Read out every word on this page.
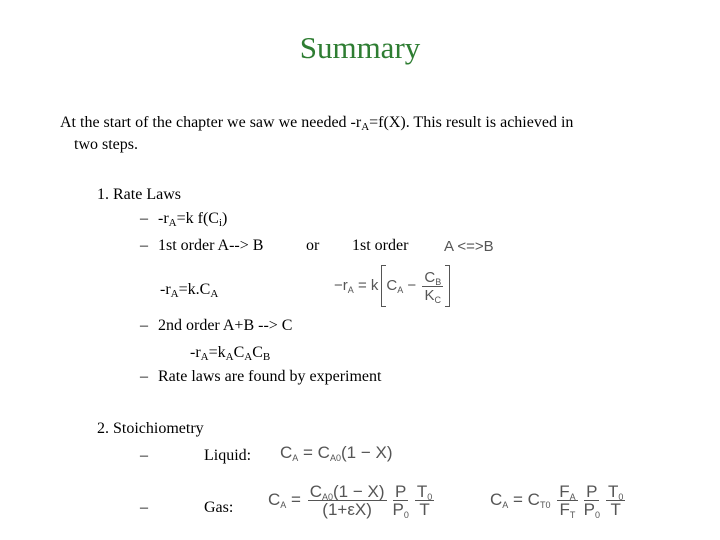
Summary
At the start of the chapter we saw we needed $-r_A=f(X)$. This result is achieved in
two steps.
1. Rate Laws
– $-r_A=k$ $f(C_i)$
– 1st order A--> B	or 1st order A <=>B
$-r_A=k.C_A$
$-r_A = k$ $C_A - \frac{C_B}{K_C}$
– 2nd order A+B --> C
$-r_A=k_AC_AC_B$
– Rate laws are found by experiment
2. Stoichiometry
–	Liquid: $C_A = C_{A0}(1 - X)$
–	Gas: $C_A = \frac{C_{A0}(1 - X)}{(1+\varepsilon X)} \frac{P}{P_0} \frac{T_0}{T}$	$C_A = C_{T0} \frac{F_A}{F_T} \frac{P}{P_0} \frac{T_0}{T}$
